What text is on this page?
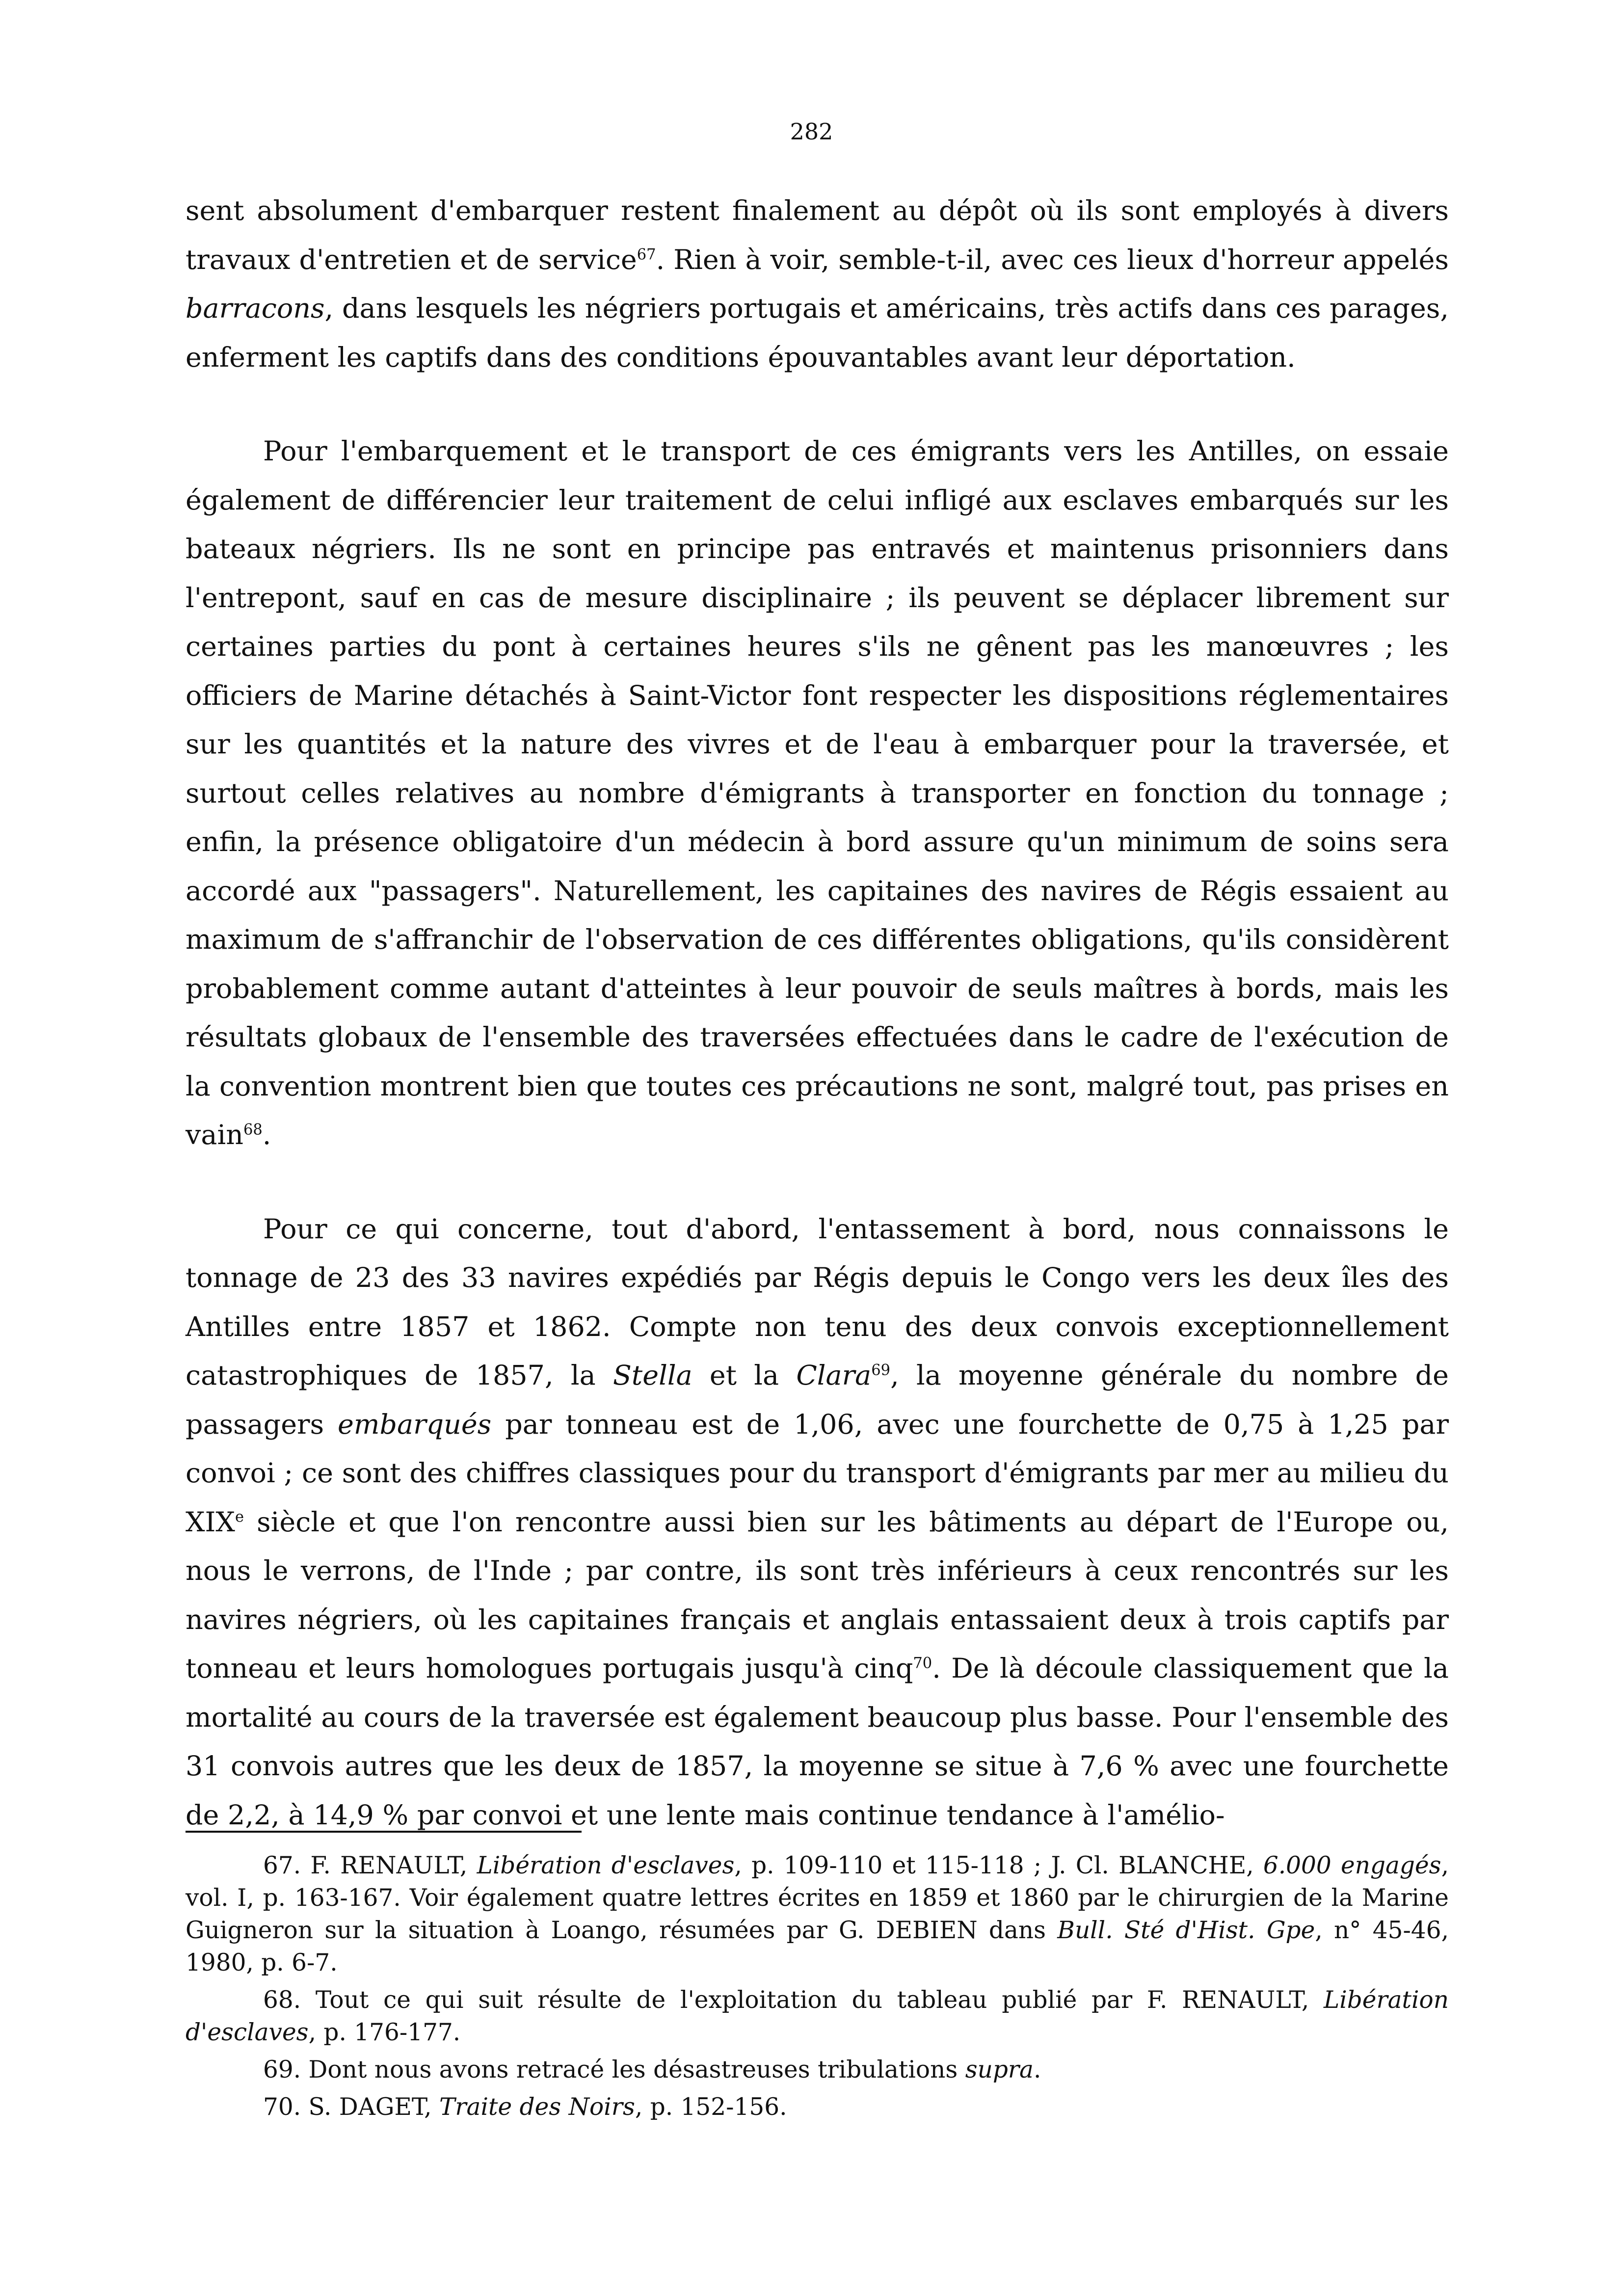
282

sent absolument d'embarquer restent finalement au dépôt où ils sont employés à divers travaux d'entretien et de service$^{67}$. Rien à voir, semble-t-il, avec ces lieux d'horreur appelés barracons, dans lesquels les négriers portugais et américains, très actifs dans ces parages, enferment les captifs dans des conditions épouvantables avant leur déportation.

Pour l'embarquement et le transport de ces émigrants vers les Antilles, on essaie également de différencier leur traitement de celui infligé aux esclaves embarqués sur les bateaux négriers. Ils ne sont en principe pas entravés et maintenus prisonniers dans l'entrepont, sauf en cas de mesure disciplinaire ; ils peuvent se déplacer librement sur certaines parties du pont à certaines heures s'ils ne gênent pas les manœuvres ; les officiers de Marine détachés à Saint-Victor font respecter les dispositions réglementaires sur les quantités et la nature des vivres et de l'eau à embarquer pour la traversée, et surtout celles relatives au nombre d'émigrants à transporter en fonction du tonnage ; enfin, la présence obligatoire d'un médecin à bord assure qu'un minimum de soins sera accordé aux "passagers". Naturellement, les capitaines des navires de Régis essaient au maximum de s'affranchir de l'observation de ces différentes obligations, qu'ils considèrent probablement comme autant d'atteintes à leur pouvoir de seuls maîtres à bords, mais les résultats globaux de l'ensemble des traversées effectuées dans le cadre de l'exécution de la convention montrent bien que toutes ces précautions ne sont, malgré tout, pas prises en vain$^{68}$.

Pour ce qui concerne, tout d'abord, l'entassement à bord, nous connaissons le tonnage de 23 des 33 navires expédiés par Régis depuis le Congo vers les deux îles des Antilles entre 1857 et 1862. Compte non tenu des deux convois exceptionnellement catastrophiques de 1857, la Stella et la Clara$^{69}$, la moyenne générale du nombre de passagers embarqués par tonneau est de 1,06, avec une fourchette de 0,75 à 1,25 par convoi ; ce sont des chiffres classiques pour du transport d'émigrants par mer au milieu du XIXe siècle et que l'on rencontre aussi bien sur les bâtiments au départ de l'Europe ou, nous le verrons, de l'Inde ; par contre, ils sont très inférieurs à ceux rencontrés sur les navires négriers, où les capitaines français et anglais entassaient deux à trois captifs par tonneau et leurs homologues portugais jusqu'à cinq$^{70}$. De là découle classiquement que la mortalité au cours de la traversée est également beaucoup plus basse. Pour l'ensemble des 31 convois autres que les deux de 1857, la moyenne se situe à 7,6 % avec une fourchette de 2,2, à 14,9 % par convoi et une lente mais continue tendance à l'amélio-

67. F. RENAULT, Libération d'esclaves, p. 109-110 et 115-118 ; J. Cl. BLANCHE, 6.000 engagés, vol. I, p. 163-167. Voir également quatre lettres écrites en 1859 et 1860 par le chirurgien de la Marine Guigneron sur la situation à Loango, résumées par G. DEBIEN dans Bull. Sté d'Hist. Gpe, n° 45-46, 1980, p. 6-7.

68. Tout ce qui suit résulte de l'exploitation du tableau publié par F. RENAULT, Libération d'esclaves, p. 176-177.

69. Dont nous avons retracé les désastreuses tribulations supra.

70. S. DAGET, Traite des Noirs, p. 152-156.
